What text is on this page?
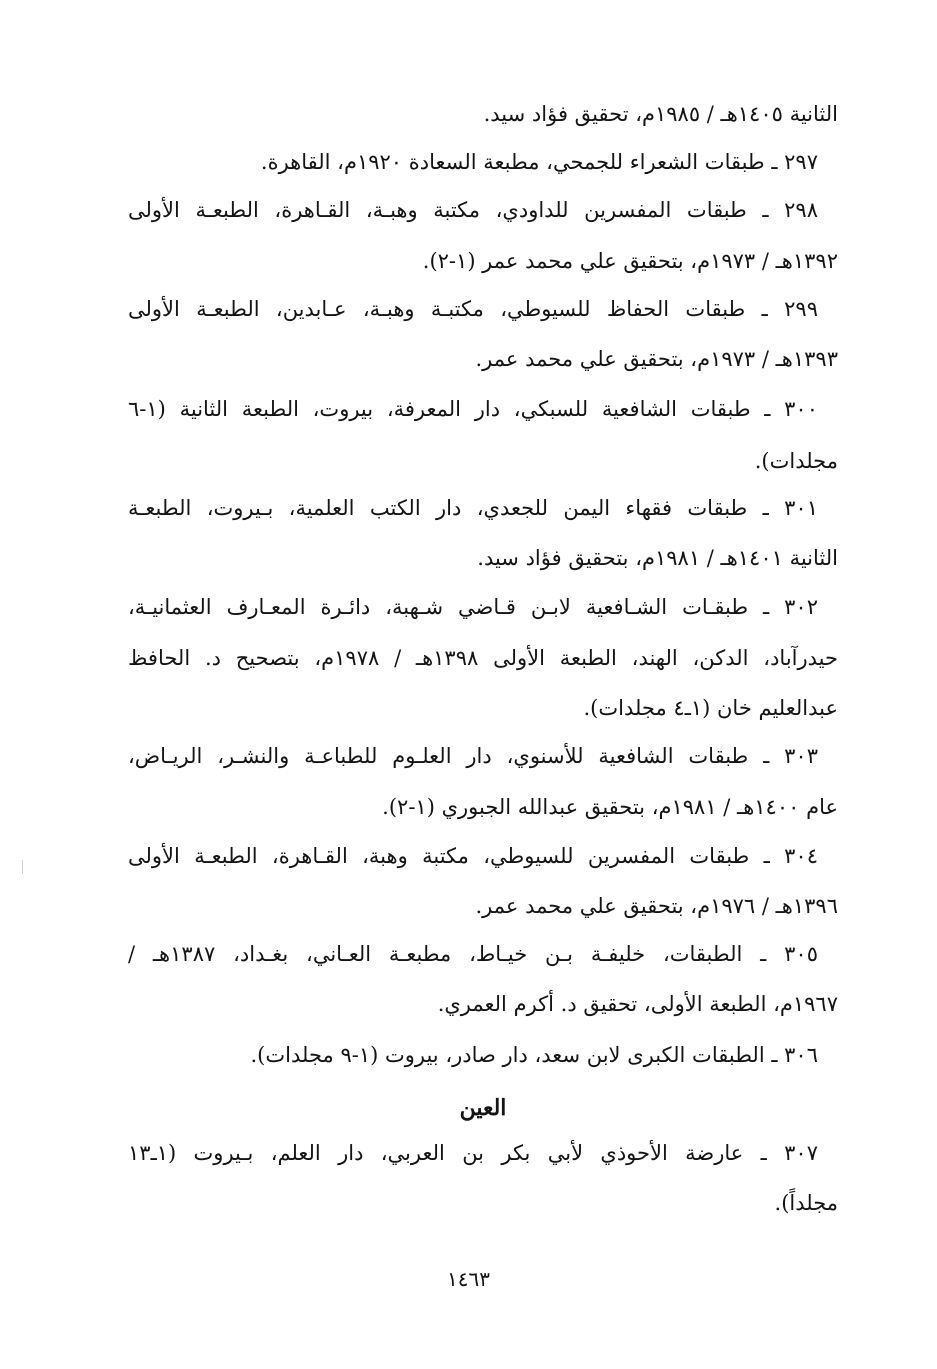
الثانية ١٤٠٥هـ / ١٩٨٥م، تحقيق فؤاد سيد.
٢٩٧ ـ طبقات الشعراء للجمحي، مطبعة السعادة ١٩٢٠م، القاهرة.
٢٩٨ ـ طبقات المفسرين للداودي، مكتبة وهبـة، القـاهرة، الطبعـة الأولى
١٣٩٢هـ / ١٩٧٣م، بتحقيق علي محمد عمر (١-٢).
٢٩٩ ـ طبقات الحفاظ للسيوطي، مكتبـة وهبـة، عـابدين، الطبعـة الأولى
١٣٩٣هـ / ١٩٧٣م، بتحقيق علي محمد عمر.
٣٠٠ ـ طبقات الشافعية للسبكي، دار المعرفة، بيروت، الطبعة الثانية (١-٦
مجلدات).
٣٠١ ـ طبقات فقهاء اليمن للجعدي، دار الكتب العلمية، بـيروت، الطبعـة
الثانية ١٤٠١هـ / ١٩٨١م، بتحقيق فؤاد سيد.
٣٠٢ ـ طبقـات الشـافعية لابـن قـاضي شـهبة، دائـرة المعـارف العثمانيـة،
حيدرآباد، الدكن، الهند، الطبعة الأولى ١٣٩٨هـ / ١٩٧٨م، بتصحيح د. الحافظ
عبدالعليم خان (١ـ٤ مجلدات).
٣٠٣ ـ طبقات الشافعية للأسنوي، دار العلـوم للطباعـة والنشـر، الريـاض،
عام ١٤٠٠هـ / ١٩٨١م، بتحقيق عبدالله الجبوري (١-٢).
٣٠٤ ـ طبقات المفسرين للسيوطي، مكتبة وهبة، القـاهرة، الطبعـة الأولى
١٣٩٦هـ / ١٩٧٦م، بتحقيق علي محمد عمر.
٣٠٥ ـ الطبقات، خليفـة بـن خيـاط، مطبعـة العـاني، بغـداد، ١٣٨٧هـ /
١٩٦٧م، الطبعة الأولى، تحقيق د. أكرم العمري.
٣٠٦ ـ الطبقات الكبرى لابن سعد، دار صادر، بيروت (١-٩ مجلدات).
العين
٣٠٧ ـ عارضة الأحوذي لأبي بكر بن العربي، دار العلم، بـيروت (١ـ١٣
مجلداً).
١٤٦٣
